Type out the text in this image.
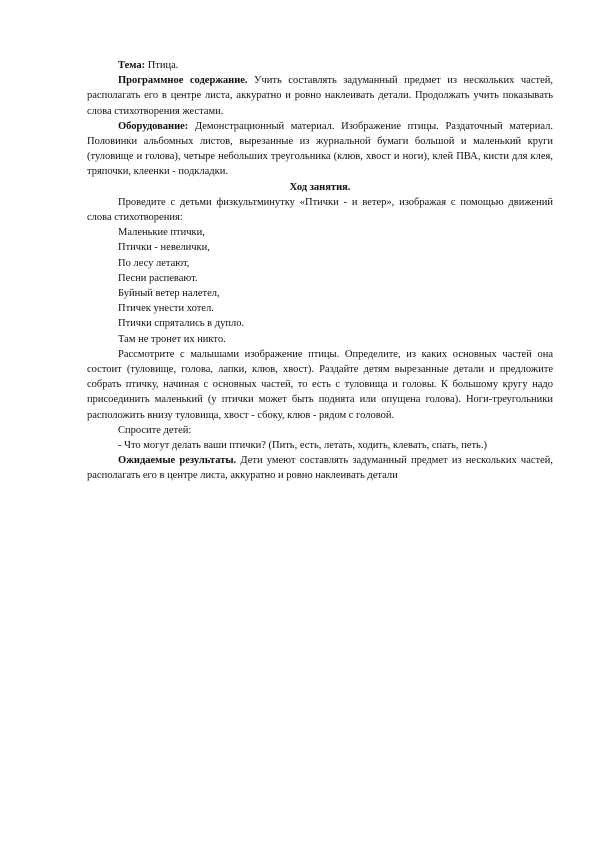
Тема: Птица.

Программное содержание. Учить составлять задуманный предмет из нескольких частей, располагать его в центре листа, аккуратно и ровно наклеивать детали. Продолжать учить показывать слова стихотворения жестами.

Оборудование: Демонстрационный материал. Изображение птицы. Раздаточный материал. Половинки альбомных листов, вырезанные из журнальной бумаги большой и маленький круги (туловище и голова), четыре небольших треугольника (клюв, хвост и ноги), клей ПВА, кисти для клея, тряпочки, клеенки - подкладки.

Ход занятия.

Проведите с детьми физкультминутку «Птички - и ветер», изображая с помощью движений слова стихотворения:

Маленькие птички,

Птички - невелички,

По лесу летают,

Песни распевают.

Буйный ветер налетел,

Птичек унести хотел.

Птички спрятались в дупло.

Там не тронет их никто.

Рассмотрите с малышами изображение птицы. Определите, из каких основных частей она состоит (туловище, голова, лапки, клюв, хвост). Раздайте детям вырезанные детали и предложите собрать птичку, начиная с основных частей, то есть с туловища и головы. К большому кругу надо присоединить маленький (у птички может быть поднята или опущена голова). Ноги-треугольники расположить внизу туловища, хвост - сбоку, клюв - рядом с головой.

Спросите детей:

- Что могут делать ваши птички? (Пить, есть, летать, ходить, клевать, спать, петь.)

Ожидаемые результаты. Дети умеют составлять задуманный предмет из нескольких частей, располагать его в центре листа, аккуратно и ровно наклеивать детали
